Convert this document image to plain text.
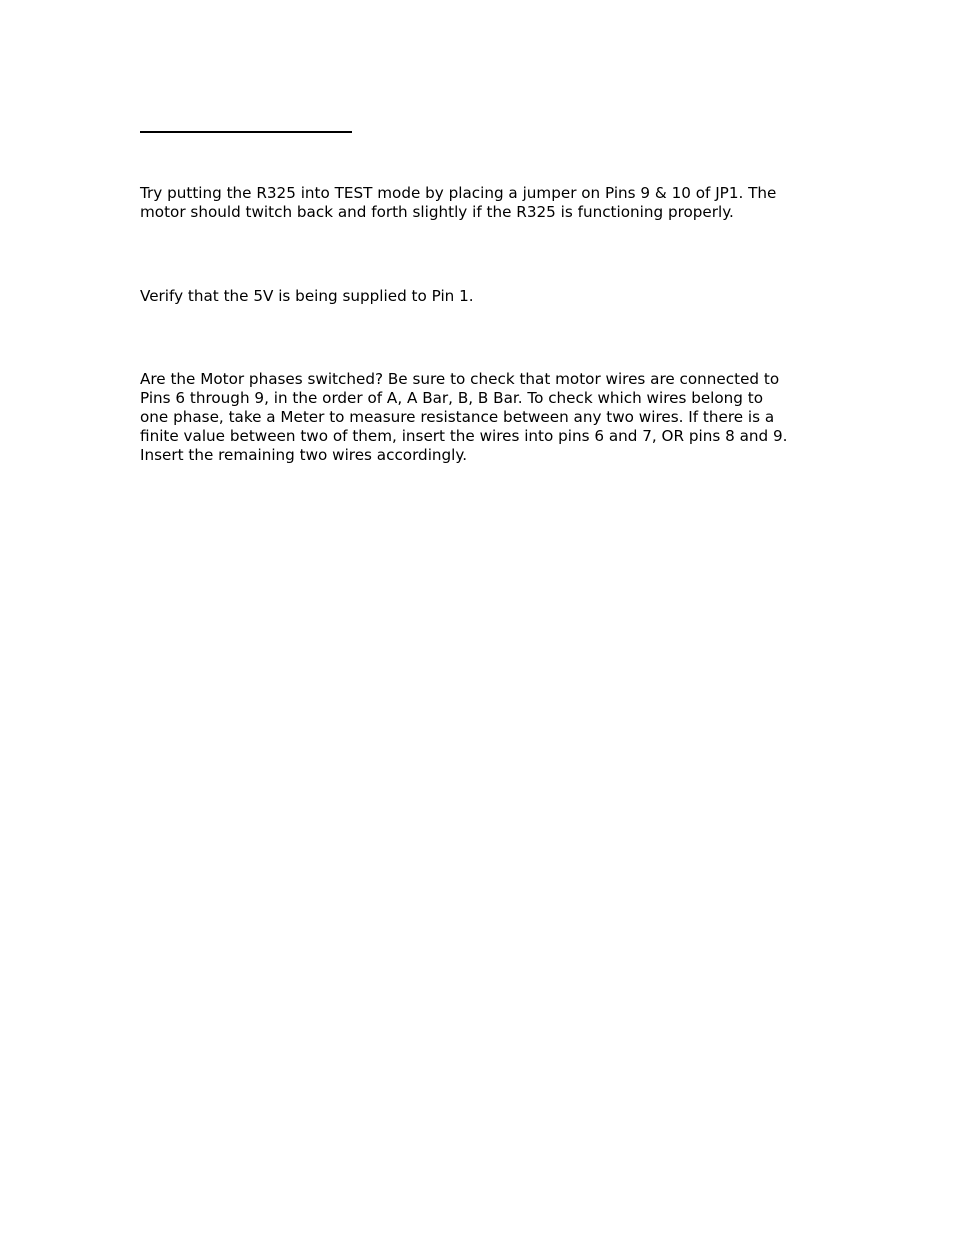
Try putting the R325 into TEST mode by placing a jumper on Pins 9 & 10 of JP1. The
motor should twitch back and forth slightly if the R325 is functioning properly.

Verify that the 5V is being supplied to Pin 1.

Are the Motor phases switched? Be sure to check that motor wires are connected to
Pins 6 through 9, in the order of A, A Bar, B, B Bar. To check which wires belong to
one phase, take a Meter to measure resistance between any two wires. If there is a
finite value between two of them, insert the wires into pins 6 and 7, OR pins 8 and 9.
Insert the remaining two wires accordingly.
